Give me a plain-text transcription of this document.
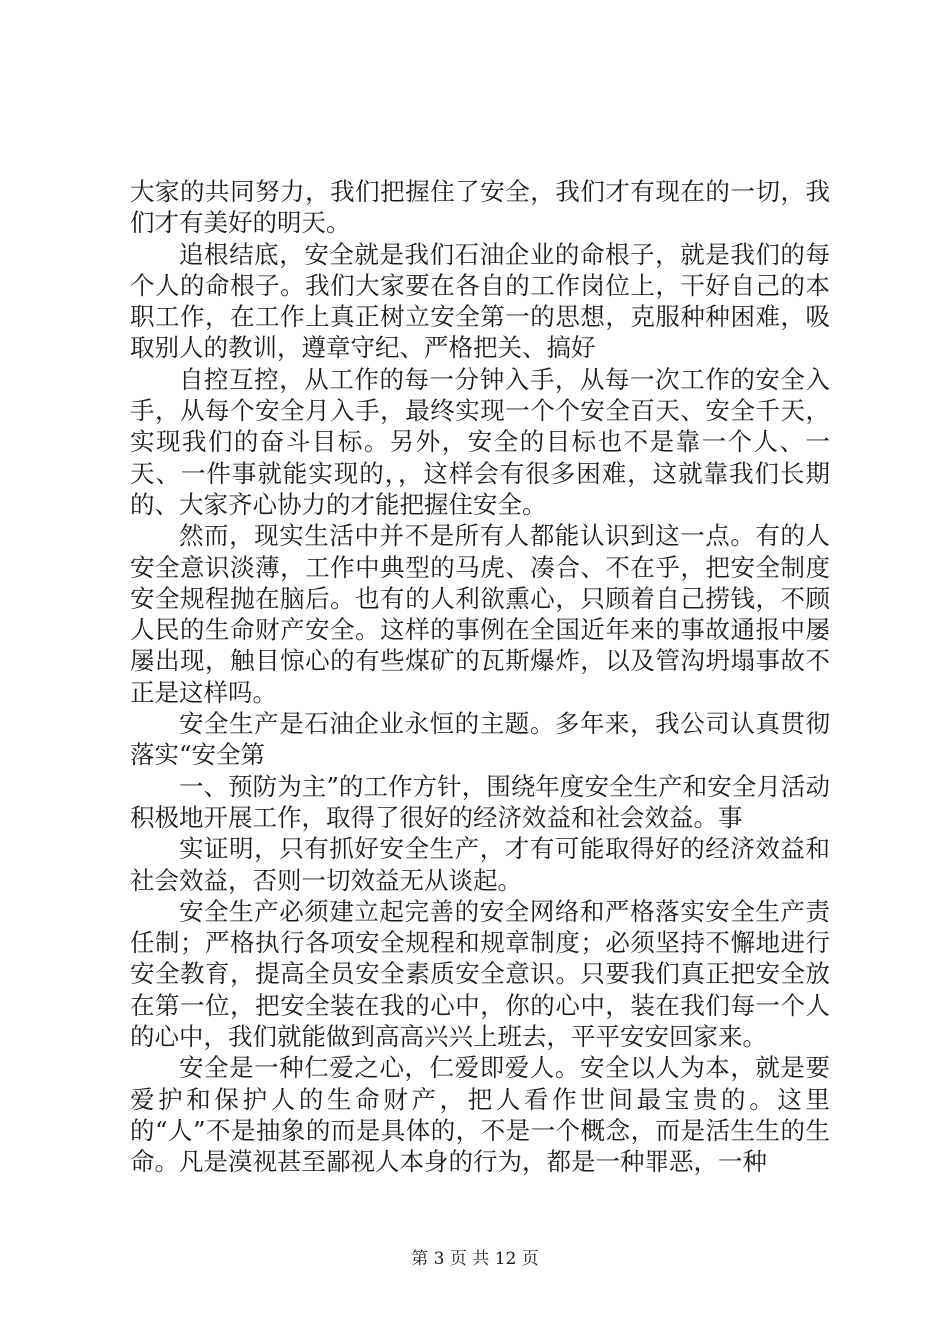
大家的共同努力，我们把握住了安全，我们才有现在的一切，我们才有美好的明天。

追根结底，安全就是我们石油企业的命根子，就是我们的每个人的命根子。我们大家要在各自的工作岗位上，干好自己的本职工作，在工作上真正树立安全第一的思想，克服种种困难，吸取别人的教训，遵章守纪、严格把关、搞好

自控互控，从工作的每一分钟入手，从每一次工作的安全入手，从每个安全月入手，最终实现一个个安全百天、安全千天，实现我们的奋斗目标。另外，安全的目标也不是靠一个人、一天、一件事就能实现的，，这样会有很多困难，这就靠我们长期的、大家齐心协力的才能把握住安全。

然而，现实生活中并不是所有人都能认识到这一点。有的人安全意识淡薄，工作中典型的马虎、凑合、不在乎，把安全制度安全规程抛在脑后。也有的人利欲熏心，只顾着自己捞钱，不顾人民的生命财产安全。这样的事例在全国近年来的事故通报中屡屡出现，触目惊心的有些煤矿的瓦斯爆炸，以及管沟坍塌事故不正是这样吗。

安全生产是石油企业永恒的主题。多年来，我公司认真贯彻落实“安全第

一、预防为主”的工作方针，围绕年度安全生产和安全月活动积极地开展工作，取得了很好的经济效益和社会效益。事

实证明，只有抓好安全生产，才有可能取得好的经济效益和社会效益，否则一切效益无从谈起。

安全生产必须建立起完善的安全网络和严格落实安全生产责任制；严格执行各项安全规程和规章制度；必须坚持不懈地进行安全教育，提高全员安全素质安全意识。只要我们真正把安全放在第一位，把安全装在我的心中，你的心中，装在我们每一个人的心中，我们就能做到高高兴兴上班去，平平安安回家来。

安全是一种仁爱之心，仁爱即爱人。安全以人为本，就是要爱护和保护人的生命财产，把人看作世间最宝贵的。这里的“人”不是抽象的而是具体的，不是一个概念，而是活生生的生命。凡是漠视甚至鄙视人本身的行为，都是一种罪恶，一种

第 3 页 共 12 页
